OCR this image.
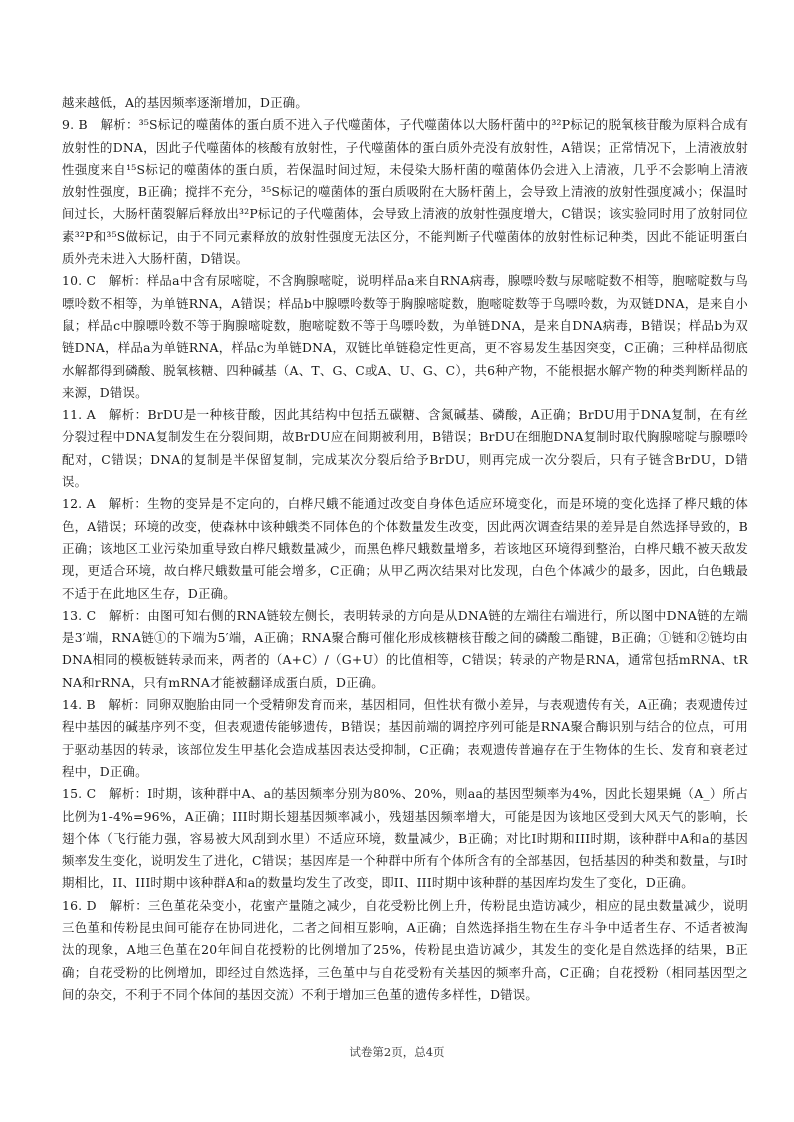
越来越低，A的基因频率逐渐增加，D正确。

9. B　解析：³⁵S标记的噬菌体的蛋白质不进入子代噬菌体，子代噬菌体以大肠杆菌中的³²P标记的脱氧核苷酸为原料合成有放射性的DNA，因此子代噬菌体的核酸有放射性，子代噬菌体的蛋白质外壳没有放射性，A错误；正常情况下，上清液放射性强度来自¹⁵S标记的噬菌体的蛋白质，若保温时间过短，未侵染大肠杆菌的噬菌体仍会进入上清液，几乎不会影响上清液放射性强度，B正确；搅拌不充分，³⁵S标记的噬菌体的蛋白质吸附在大肠杆菌上，会导致上清液的放射性强度减小；保温时间过长，大肠杆菌裂解后释放出³²P标记的子代噬菌体，会导致上清液的放射性强度增大，C错误；该实验同时用了放射同位素³²P和³⁵S做标记，由于不同元素释放的放射性强度无法区分，不能判断子代噬菌体的放射性标记种类，因此不能证明蛋白质外壳未进入大肠杆菌，D错误。

10. C　解析：样品a中含有尿嘧啶，不含胸腺嘧啶，说明样品a来自RNA病毒，腺嘌呤数与尿嘧啶数不相等，胞嘧啶数与鸟嘌呤数不相等，为单链RNA，A错误；样品b中腺嘌呤数等于胸腺嘧啶数，胞嘧啶数等于鸟嘌呤数，为双链DNA，是来自小鼠；样品c中腺嘌呤数不等于胸腺嘧啶数，胞嘧啶数不等于鸟嘌呤数，为单链DNA，是来自DNA病毒，B错误；样品b为双链DNA，样品a为单链RNA，样品c为单链DNA，双链比单链稳定性更高，更不容易发生基因突变，C正确；三种样品彻底水解都得到磷酸、脱氧核糖、四种碱基（A、T、G、C或A、U、G、C），共6种产物，不能根据水解产物的种类判断样品的来源，D错误。

11. A　解析：BrDU是一种核苷酸，因此其结构中包括五碳糖、含氮碱基、磷酸，A正确；BrDU用于DNA复制，在有丝分裂过程中DNA复制发生在分裂间期，故BrDU应在间期被利用，B错误；BrDU在细胞DNA复制时取代胸腺嘧啶与腺嘌呤配对，C错误；DNA的复制是半保留复制，完成某次分裂后给予BrDU，则再完成一次分裂后，只有子链含BrDU，D错误。

12. A　解析：生物的变异是不定向的，白桦尺蛾不能通过改变自身体色适应环境变化，而是环境的变化选择了桦尺蛾的体色，A错误；环境的改变，使森林中该种蛾类不同体色的个体数量发生改变，因此两次调查结果的差异是自然选择导致的，B正确；该地区工业污染加重导致白桦尺蛾数量减少，而黑色桦尺蛾数量增多，若该地区环境得到整治，白桦尺蛾不被天敌发现，更适合环境，故白桦尺蛾数量可能会增多，C正确；从甲乙两次结果对比发现，白色个体减少的最多，因此，白色蛾最不适于在此地区生存，D正确。

13. C　解析：由图可知右侧的RNA链较左侧长，表明转录的方向是从DNA链的左端往右端进行，所以图中DNA链的左端是3′端，RNA链①的下端为5′端，A正确；RNA聚合酶可催化形成核糖核苷酸之间的磷酸二酯键，B正确；①链和②链均由DNA相同的模板链转录而来，两者的（A+C）/（G+U）的比值相等，C错误；转录的产物是RNA，通常包括mRNA、tRNA和rRNA，只有mRNA才能被翻译成蛋白质，D正确。

14. B　解析：同卵双胞胎由同一个受精卵发育而来，基因相同，但性状有微小差异，与表观遗传有关，A正确；表观遗传过程中基因的碱基序列不变，但表观遗传能够遗传，B错误；基因前端的调控序列可能是RNA聚合酶识别与结合的位点，可用于驱动基因的转录，该部位发生甲基化会造成基因表达受抑制，C正确；表观遗传普遍存在于生物体的生长、发育和衰老过程中，D正确。

15. C　解析：I时期，该种群中A、a的基因频率分别为80%、20%，则aa的基因型频率为4%，因此长翅果蝇（A_）所占比例为1-4%=96%，A正确；III时期长翅基因频率减小，残翅基因频率增大，可能是因为该地区受到大风天气的影响，长翅个体（飞行能力强，容易被大风刮到水里）不适应环境，数量减少，B正确；对比I时期和III时期，该种群中A和a的基因频率发生变化，说明发生了进化，C错误；基因库是一个种群中所有个体所含有的全部基因，包括基因的种类和数量，与I时期相比，II、III时期中该种群A和a的数量均发生了改变，即II、III时期中该种群的基因库均发生了变化，D正确。

16. D　解析：三色堇花朵变小，花蜜产量随之减少，自花受粉比例上升，传粉昆虫造访减少，相应的昆虫数量减少，说明三色堇和传粉昆虫间可能存在协同进化，二者之间相互影响，A正确；自然选择指生物在生存斗争中适者生存、不适者被淘汰的现象，A地三色堇在20年间自花授粉的比例增加了25%，传粉昆虫造访减少，其发生的变化是自然选择的结果，B正确；自花受粉的比例增加，即经过自然选择，三色堇中与自花受粉有关基因的频率升高，C正确；自花授粉（相同基因型之间的杂交，不利于不同个体间的基因交流）不利于增加三色堇的遗传多样性，D错误。

试卷第2页，总4页
